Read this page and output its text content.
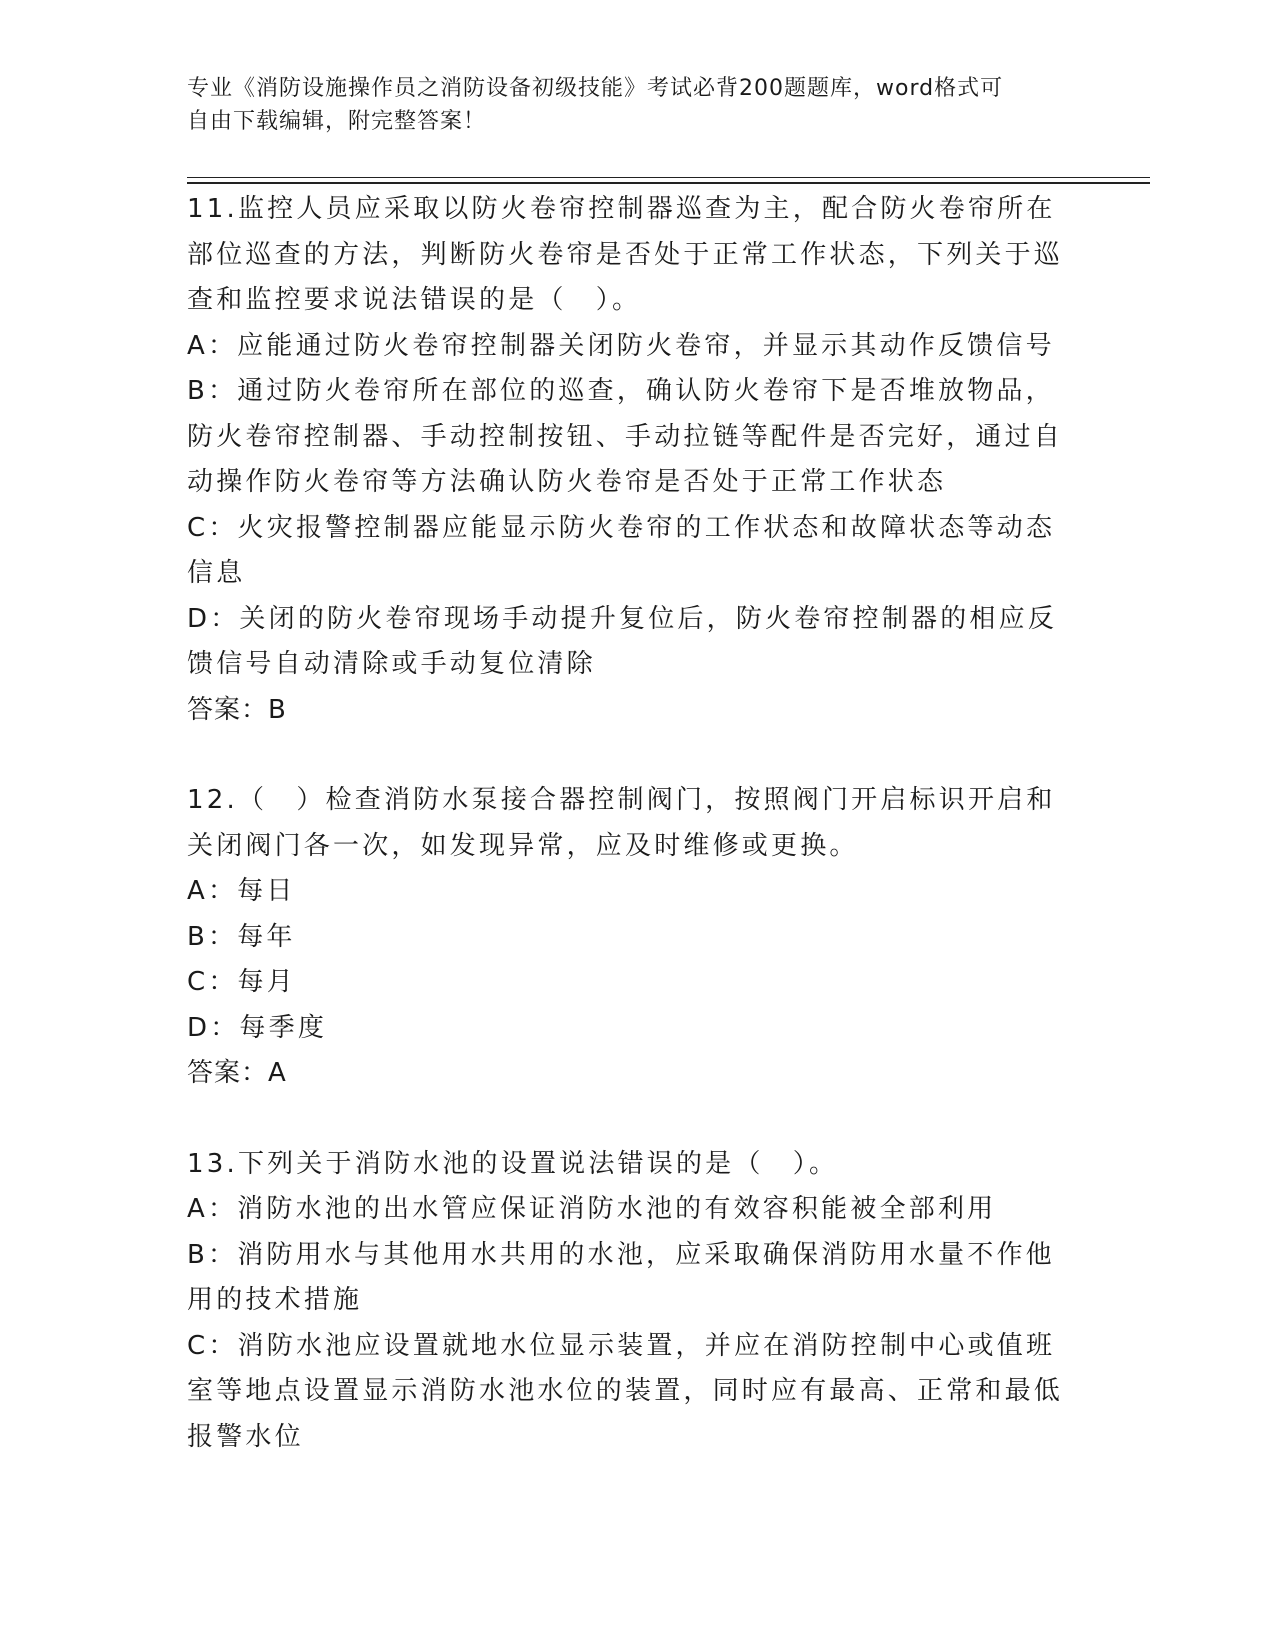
专业《消防设施操作员之消防设备初级技能》考试必背200题题库，word格式可
自由下载编辑，附完整答案！

11.监控人员应采取以防火卷帘控制器巡查为主，配合防火卷帘所在部位巡查的方法，判断防火卷帘是否处于正常工作状态，下列关于巡查和监控要求说法错误的是（　）。

A：应能通过防火卷帘控制器关闭防火卷帘，并显示其动作反馈信号

B：通过防火卷帘所在部位的巡查，确认防火卷帘下是否堆放物品，防火卷帘控制器、手动控制按钮、手动拉链等配件是否完好，通过自动操作防火卷帘等方法确认防火卷帘是否处于正常工作状态

C：火灾报警控制器应能显示防火卷帘的工作状态和故障状态等动态信息

D：关闭的防火卷帘现场手动提升复位后，防火卷帘控制器的相应反馈信号自动清除或手动复位清除

答案：B

12.（　）检查消防水泵接合器控制阀门，按照阀门开启标识开启和关闭阀门各一次，如发现异常，应及时维修或更换。

A：每日

B：每年

C：每月

D：每季度

答案：A

13.下列关于消防水池的设置说法错误的是（　）。

A：消防水池的出水管应保证消防水池的有效容积能被全部利用

B：消防用水与其他用水共用的水池，应采取确保消防用水量不作他用的技术措施

C：消防水池应设置就地水位显示装置，并应在消防控制中心或值班室等地点设置显示消防水池水位的装置，同时应有最高、正常和最低报警水位
